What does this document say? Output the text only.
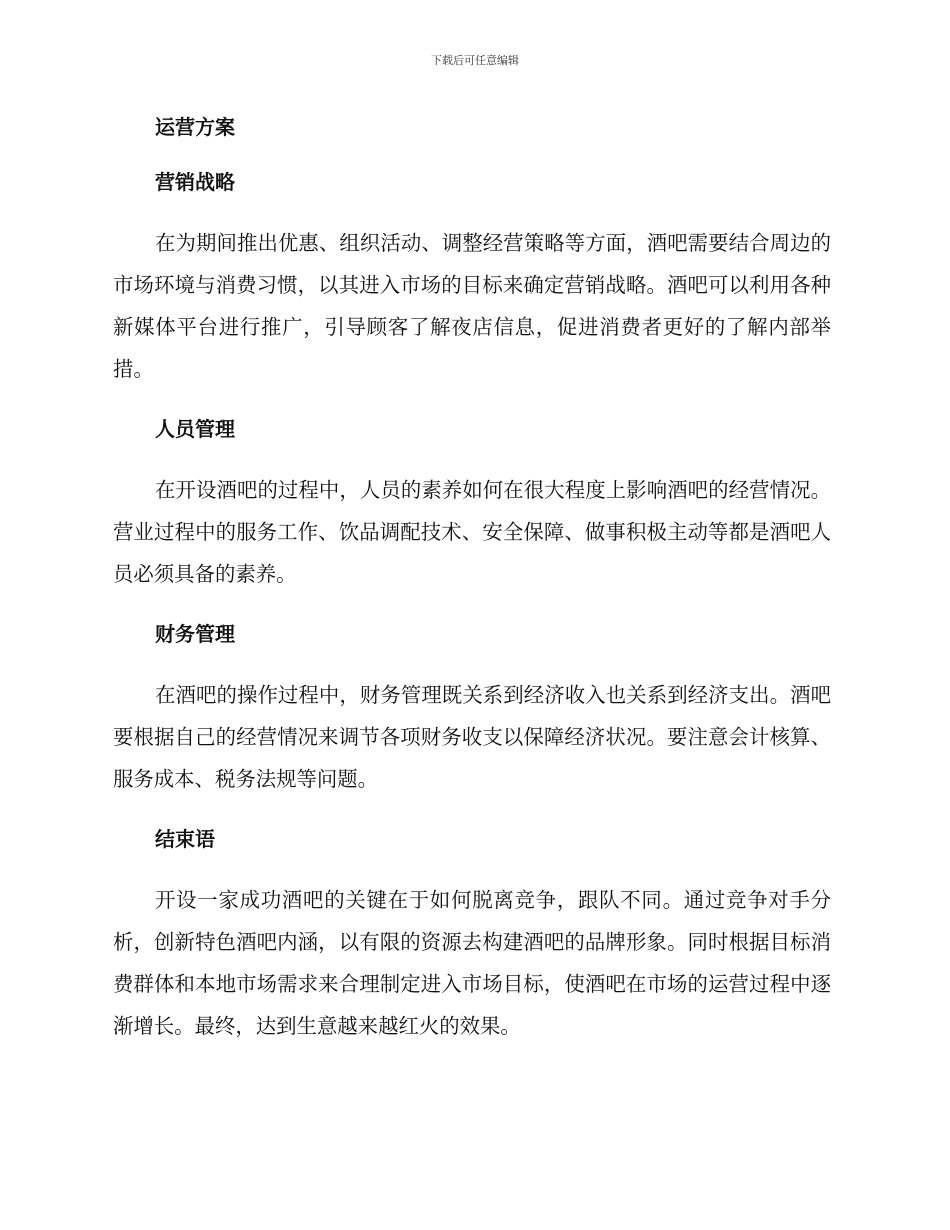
下载后可任意编辑
运营方案
营销战略

在为期间推出优惠、组织活动、调整经营策略等方面，酒吧需要结合周边的市场环境与消费习惯，以其进入市场的目标来确定营销战略。酒吧可以利用各种新媒体平台进行推广，引导顾客了解夜店信息，促进消费者更好的了解内部举措。

人员管理

在开设酒吧的过程中，人员的素养如何在很大程度上影响酒吧的经营情况。营业过程中的服务工作、饮品调配技术、安全保障、做事积极主动等都是酒吧人员必须具备的素养。

财务管理

在酒吧的操作过程中，财务管理既关系到经济收入也关系到经济支出。酒吧要根据自己的经营情况来调节各项财务收支以保障经济状况。要注意会计核算、服务成本、税务法规等问题。

结束语

开设一家成功酒吧的关键在于如何脱离竞争，跟队不同。通过竞争对手分析，创新特色酒吧内涵，以有限的资源去构建酒吧的品牌形象。同时根据目标消费群体和本地市场需求来合理制定进入市场目标，使酒吧在市场的运营过程中逐渐增长。最终，达到生意越来越红火的效果。
